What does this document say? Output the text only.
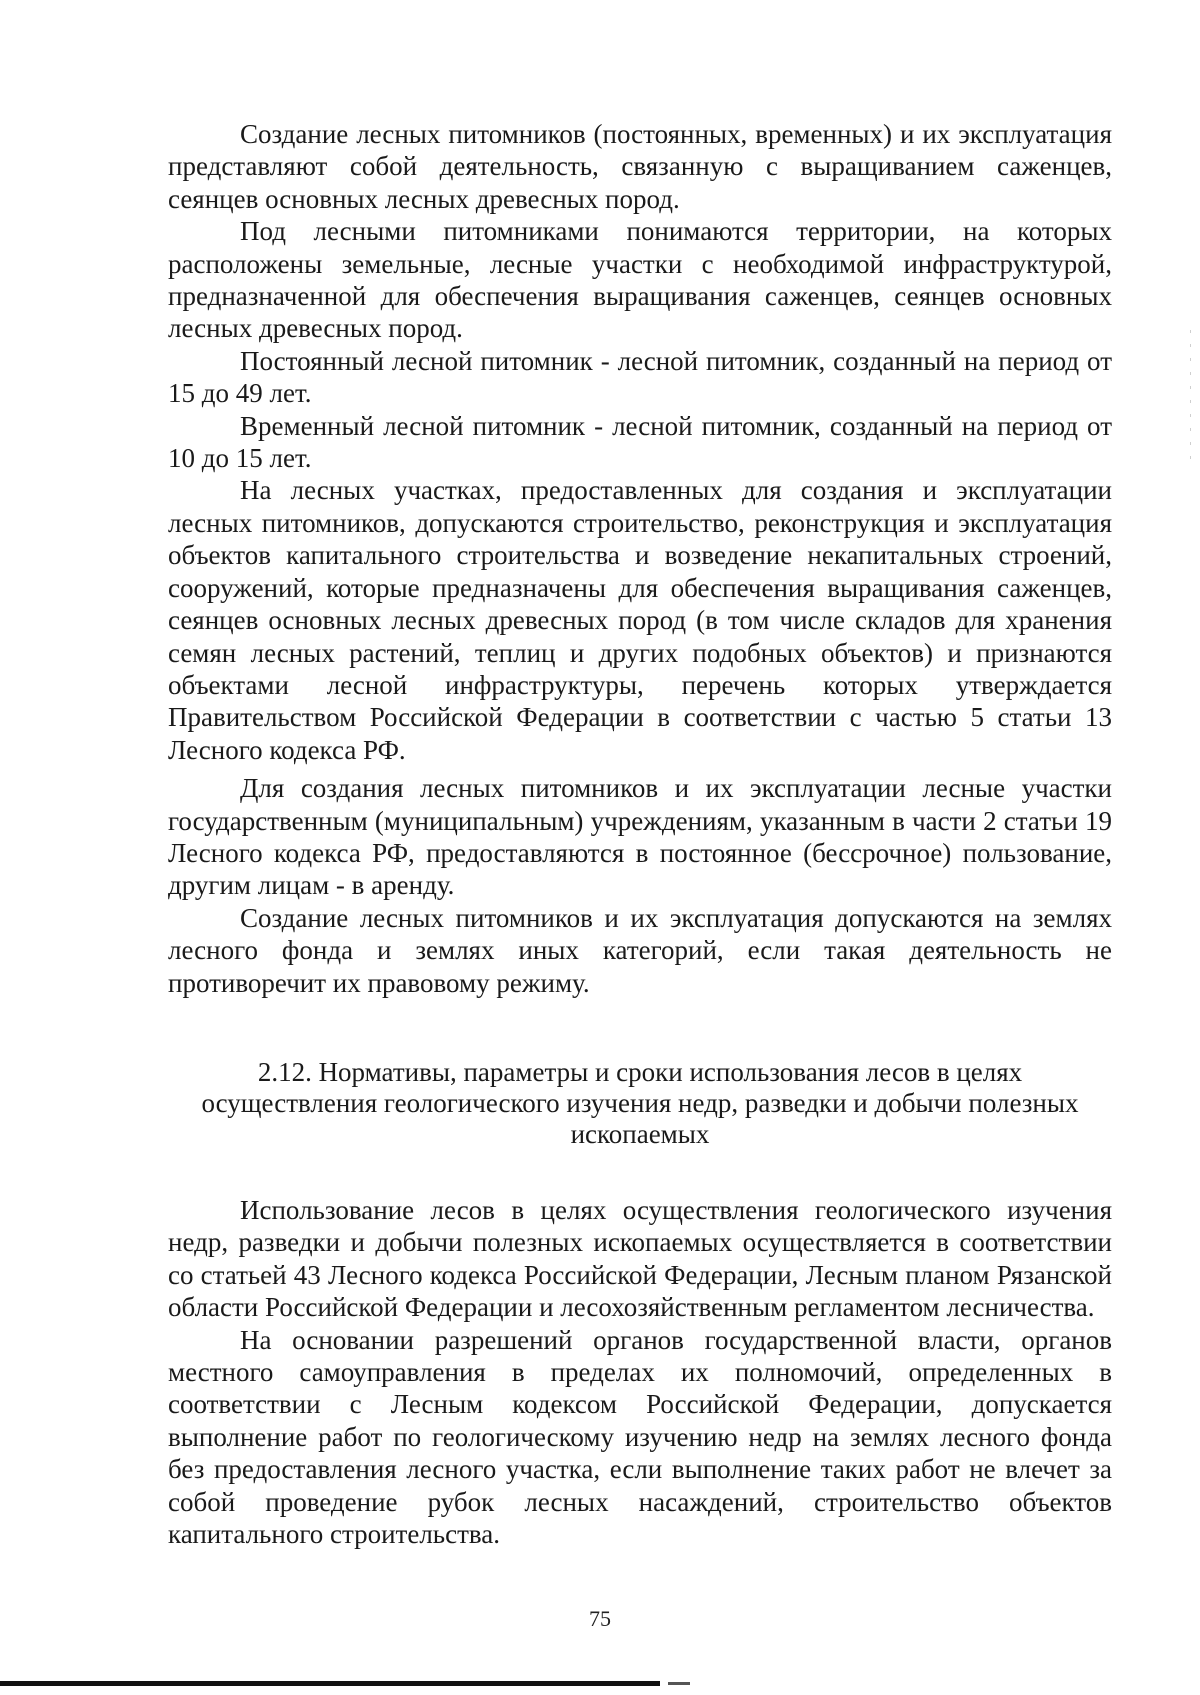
Создание лесных питомников (постоянных, временных) и их эксплуатация представляют собой деятельность, связанную с выращиванием саженцев, сеянцев основных лесных древесных пород.

Под лесными питомниками понимаются территории, на которых расположены земельные, лесные участки с необходимой инфраструктурой, предназначенной для обеспечения выращивания саженцев, сеянцев основных лесных древесных пород.

Постоянный лесной питомник - лесной питомник, созданный на период от 15 до 49 лет.

Временный лесной питомник - лесной питомник, созданный на период от 10 до 15 лет.

На лесных участках, предоставленных для создания и эксплуатации лесных питомников, допускаются строительство, реконструкция и эксплуатация объектов капитального строительства и возведение некапитальных строений, сооружений, которые предназначены для обеспечения выращивания саженцев, сеянцев основных лесных древесных пород (в том числе складов для хранения семян лесных растений, теплиц и других подобных объектов) и признаются объектами лесной инфраструктуры, перечень которых утверждается Правительством Российской Федерации в соответствии с частью 5 статьи 13 Лесного кодекса РФ.

Для создания лесных питомников и их эксплуатации лесные участки государственным (муниципальным) учреждениям, указанным в части 2 статьи 19 Лесного кодекса РФ, предоставляются в постоянное (бессрочное) пользование, другим лицам - в аренду.

Создание лесных питомников и их эксплуатация допускаются на землях лесного фонда и землях иных категорий, если такая деятельность не противоречит их правовому режиму.

2.12. Нормативы, параметры и сроки использования лесов в целях осуществления геологического изучения недр, разведки и добычи полезных ископаемых

Использование лесов в целях осуществления геологического изучения недр, разведки и добычи полезных ископаемых осуществляется в соответствии со статьей 43 Лесного кодекса Российской Федерации, Лесным планом Рязанской области Российской Федерации и лесохозяйственным регламентом лесничества.

На основании разрешений органов государственной власти, органов местного самоуправления в пределах их полномочий, определенных в соответствии с Лесным кодексом Российской Федерации, допускается выполнение работ по геологическому изучению недр на землях лесного фонда без предоставления лесного участка, если выполнение таких работ не влечет за собой проведение рубок лесных насаждений, строительство объектов капитального строительства.

75
